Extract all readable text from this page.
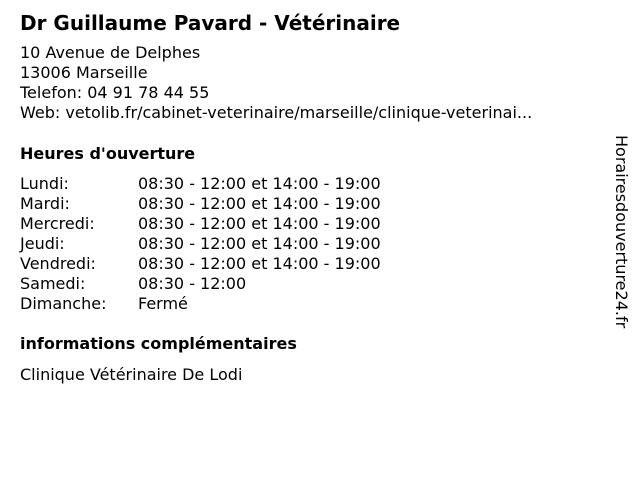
Dr Guillaume Pavard - Vétérinaire
10 Avenue de Delphes
13006 Marseille
Telefon: 04 91 78 44 55
Web: vetolib.fr/cabinet-veterinaire/marseille/clinique-veterinai...
Heures d'ouverture
Lundi:	08:30 - 12:00 et 14:00 - 19:00
Mardi:	08:30 - 12:00 et 14:00 - 19:00
Mercredi:	08:30 - 12:00 et 14:00 - 19:00
Jeudi:	08:30 - 12:00 et 14:00 - 19:00
Vendredi:	08:30 - 12:00 et 14:00 - 19:00
Samedi:	08:30 - 12:00
Dimanche:	Fermé
informations complémentaires
Clinique Vétérinaire De Lodi
Horairesdouverture24.fr
